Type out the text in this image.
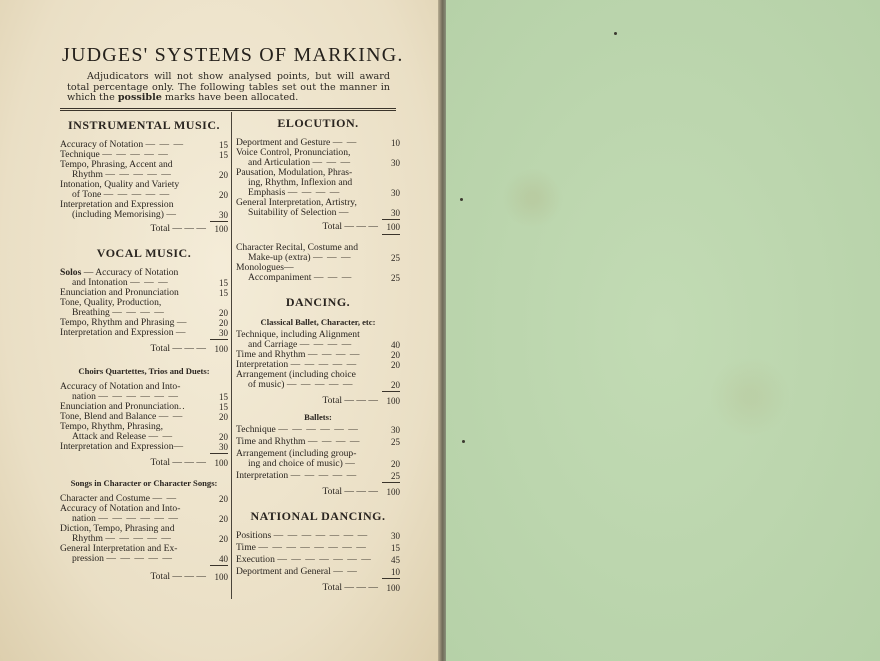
JUDGES' SYSTEMS OF MARKING.
Adjudicators will not show analysed points, but will award total percentage only. The following tables set out the manner in which the possible marks have been allocated.
INSTRUMENTAL MUSIC.
Accuracy of Notation — — —	15
Technique — — — — —	15
Tempo, Phrasing, Accent and
Rhythm — — — — —	20
Intonation, Quality and Variety
of Tone — — — — —	20
Interpretation and Expression
(including Memorising) —	30
Total — — — 100
VOCAL MUSIC.
Solos — Accuracy of Notation
and Intonation — — —	15
Enunciation and Pronunciation	15
Tone, Quality, Production,
Breathing — — — —	20
Tempo, Rhythm and Phrasing —	20
Interpretation and Expression —	30
Total — — — 100
Choirs Quartettes, Trios and Duets:
Accuracy of Notation and Into-
nation — — — — — —	15
Enunciation and Pronunciation..	15
Tone, Blend and Balance — —	20
Tempo, Rhythm, Phrasing,
Attack and Release — —	20
Interpretation and Expression—	30
Total — — — 100
Songs in Character or Character Songs:
Character and Costume — —	20
Accuracy of Notation and Into-
nation — — — — — —	20
Diction, Tempo, Phrasing and
Rhythm — — — — —	20
General Interpretation and Ex-
pression — — — — —	40
Total — — — 100
ELOCUTION.
Deportment and Gesture — —	10
Voice Control, Pronunciation,
and Articulation — — —	30
Pausation, Modulation, Phras-
ing, Rhythm, Inflexion and
Emphasis — — — —	30
General Interpretation, Artistry,
Suitability of Selection —	30
Total — — — 100
Character Recital, Costume and
Make-up (extra) — — —	25
Monologues—
Accompaniment — — —	25
DANCING.
Classical Ballet, Character, etc:
Technique, including Alignment
and Carriage — — — —	40
Time and Rhythm — — — —	20
Interpretation — — — — —	20
Arrangement (including choice
of music) — — — — —	20
Total — — — 100
Ballets:
Technique — — — — — —	30
Time and Rhythm — — — —	25
Arrangement (including group-
ing and choice of music) —	20
Interpretation — — — — —	25
Total — — — 100
NATIONAL DANCING.
Positions — — — — — — —	30
Time — — — — — — — —	15
Execution — — — — — — —	45
Deportment and General — —	10
Total — — — 100
